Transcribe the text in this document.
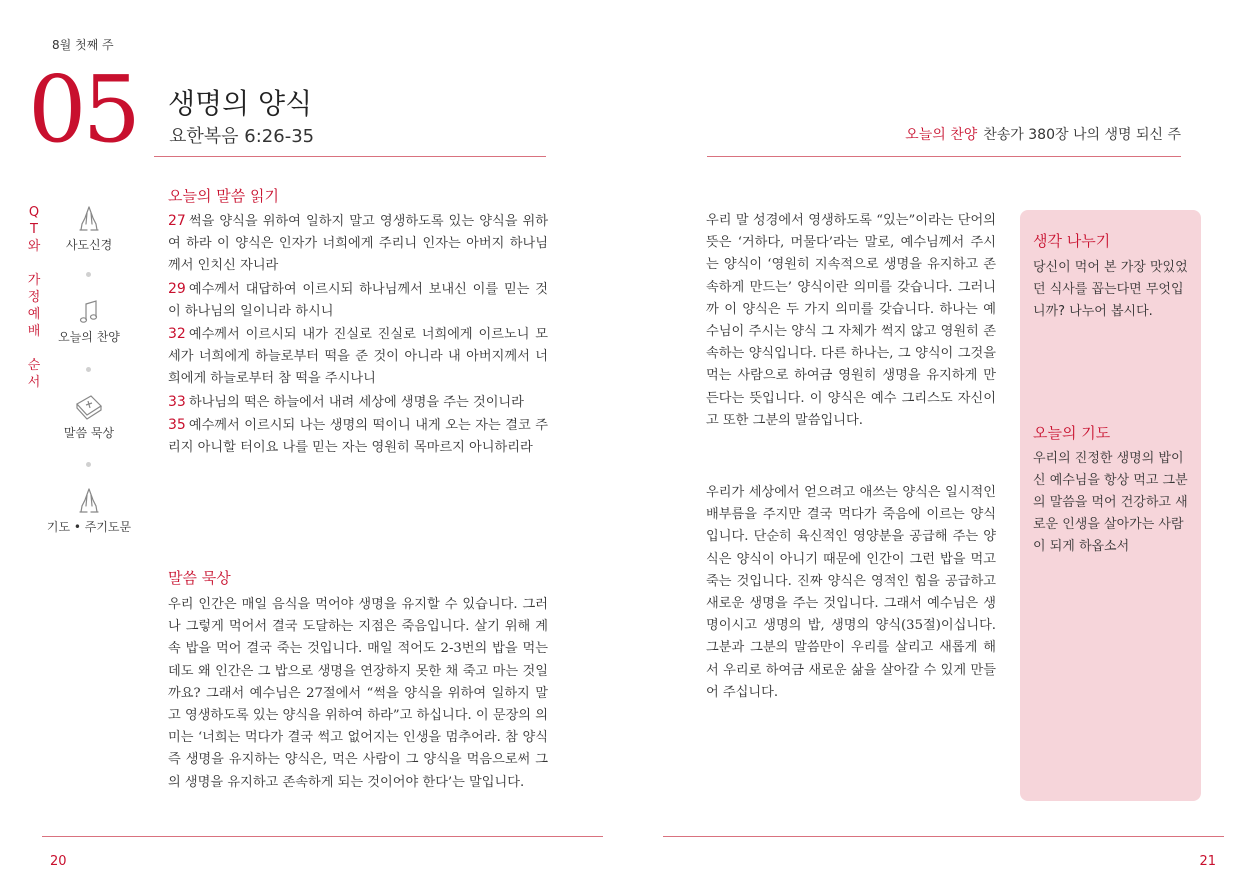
8월 첫째 주
05 생명의 양식
요한복음 6:26-35	오늘의 찬양 찬송가 380장 나의 생명 되신 주
Q
T
와
가
정
예
배
순
서
사도신경
오늘의 찬양
말씀 묵상
기도 • 주기도문
오늘의 말씀 읽기

27 썩을 양식을 위하여 일하지 말고 영생하도록 있는 양식을 위하여 하라 이 양식은 인자가 너희에게 주리니 인자는 아버지 하나님께서 인치신 자니라

29 예수께서 대답하여 이르시되 하나님께서 보내신 이를 믿는 것이 하나님의 일이니라 하시니

32 예수께서 이르시되 내가 진실로 진실로 너희에게 이르노니 모세가 너희에게 하늘로부터 떡을 준 것이 아니라 내 아버지께서 너희에게 하늘로부터 참 떡을 주시나니

33 하나님의 떡은 하늘에서 내려 세상에 생명을 주는 것이니라

35 예수께서 이르시되 나는 생명의 떡이니 내게 오는 자는 결코 주리지 아니할 터이요 나를 믿는 자는 영원히 목마르지 아니하리라

말씀 묵상

우리 인간은 매일 음식을 먹어야 생명을 유지할 수 있습니다. 그러나 그렇게 먹어서 결국 도달하는 지점은 죽음입니다. 살기 위해 계속 밥을 먹어 결국 죽는 것입니다. 매일 적어도 2-3번의 밥을 먹는데도 왜 인간은 그 밥으로 생명을 연장하지 못한 채 죽고 마는 것일까요? 그래서 예수님은 27절에서 “썩을 양식을 위하여 일하지 말고 영생하도록 있는 양식을 위하여 하라”고 하십니다. 이 문장의 의미는 ‘너희는 먹다가 결국 썩고 없어지는 인생을 멈추어라. 참 양식 즉 생명을 유지하는 양식은, 먹은 사람이 그 양식을 먹음으로써 그의 생명을 유지하고 존속하게 되는 것이어야 한다’는 말입니다.

우리 말 성경에서 영생하도록 “있는”이라는 단어의 뜻은 ‘거하다, 머물다’라는 말로, 예수님께서 주시는 양식이 ‘영원히 지속적으로 생명을 유지하고 존속하게 만드는’ 양식이란 의미를 갖습니다. 그러니까 이 양식은 두 가지 의미를 갖습니다. 하나는 예수님이 주시는 양식 그 자체가 썩지 않고 영원히 존속하는 양식입니다. 다른 하나는, 그 양식이 그것을 먹는 사람으로 하여금 영원히 생명을 유지하게 만든다는 뜻입니다. 이 양식은 예수 그리스도 자신이고 또한 그분의 말씀입니다.

우리가 세상에서 얻으려고 애쓰는 양식은 일시적인 배부름을 주지만 결국 먹다가 죽음에 이르는 양식입니다. 단순히 육신적인 영양분을 공급해 주는 양식은 양식이 아니기 때문에 인간이 그런 밥을 먹고 죽는 것입니다. 진짜 양식은 영적인 힘을 공급하고 새로운 생명을 주는 것입니다. 그래서 예수님은 생명이시고 생명의 밥, 생명의 양식(35절)이십니다. 그분과 그분의 말씀만이 우리를 살리고 새롭게 해서 우리로 하여금 새로운 삶을 살아갈 수 있게 만들어 주십니다.

생각 나누기
당신이 먹어 본 가장 맛있었던 식사를 꼽는다면 무엇입니까? 나누어 봅시다.
오늘의 기도
우리의 진정한 생명의 밥이신 예수님을 항상 먹고 그분의 말씀을 먹어 건강하고 새로운 인생을 살아가는 사람이 되게 하옵소서
20	21
